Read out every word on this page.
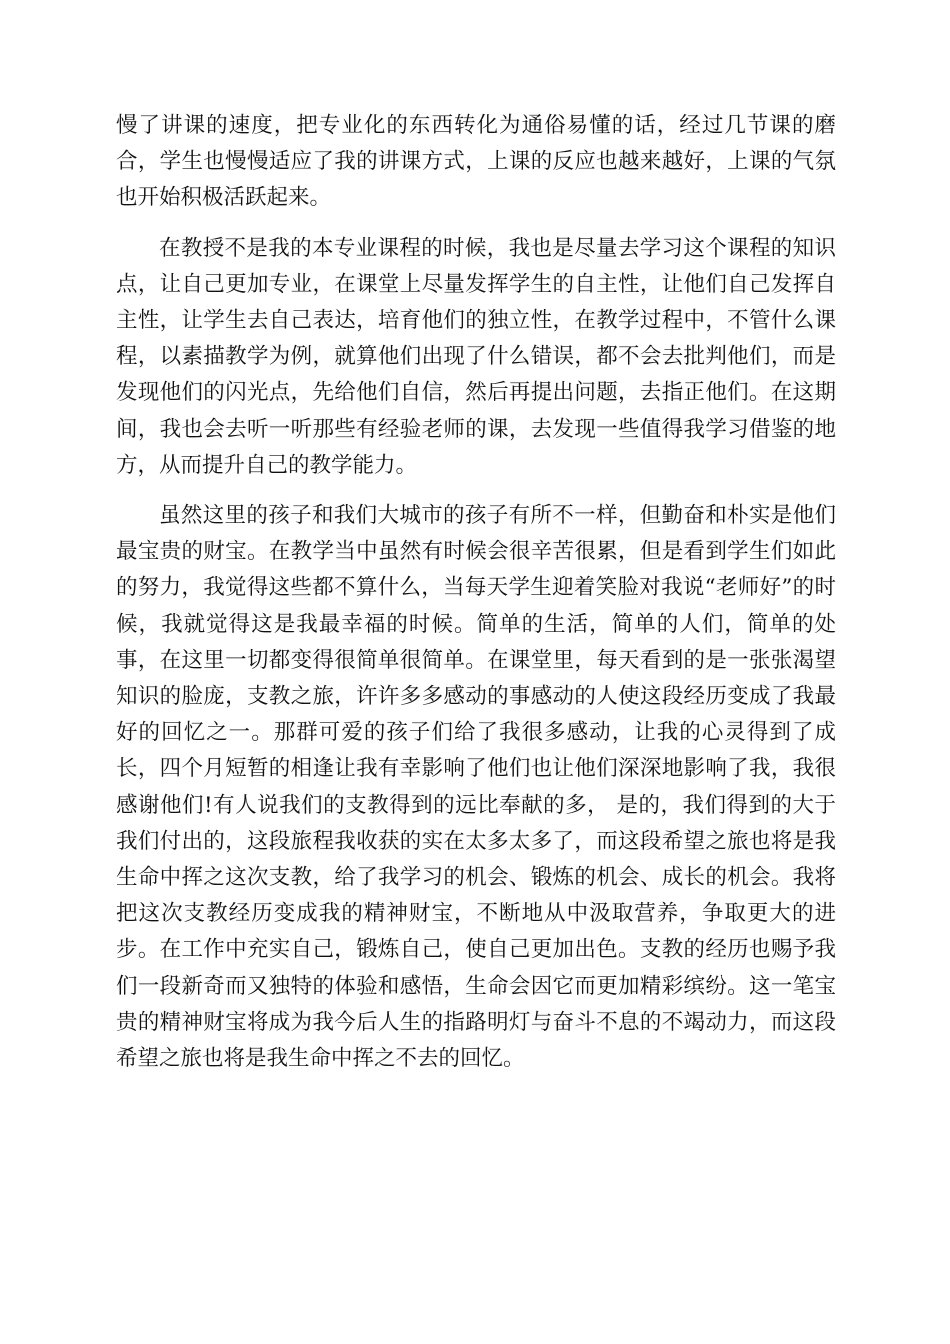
慢了讲课的速度，把专业化的东西转化为通俗易懂的话，经过几节课的磨合，学生也慢慢适应了我的讲课方式，上课的反应也越来越好，上课的气氛也开始积极活跃起来。

在教授不是我的本专业课程的时候，我也是尽量去学习这个课程的知识点，让自己更加专业，在课堂上尽量发挥学生的自主性，让他们自己发挥自主性，让学生去自己表达，培育他们的独立性，在教学过程中，不管什么课程，以素描教学为例，就算他们出现了什么错误，都不会去批判他们，而是发现他们的闪光点，先给他们自信，然后再提出问题，去指正他们。在这期间，我也会去听一听那些有经验老师的课，去发现一些值得我学习借鉴的地方，从而提升自己的教学能力。

虽然这里的孩子和我们大城市的孩子有所不一样，但勤奋和朴实是他们最宝贵的财宝。在教学当中虽然有时候会很辛苦很累，但是看到学生们如此的努力，我觉得这些都不算什么，当每天学生迎着笑脸对我说“老师好”的时候，我就觉得这是我最幸福的时候。简单的生活，简单的人们，简单的处事，在这里一切都变得很简单很简单。在课堂里，每天看到的是一张张渴望知识的脸庞，支教之旅，许许多多感动的事感动的人使这段经历变成了我最好的回忆之一。那群可爱的孩子们给了我很多感动，让我的心灵得到了成长，四个月短暂的相逢让我有幸影响了他们也让他们深深地影响了我，我很感谢他们!有人说我们的支教得到的远比奉献的多， 是的，我们得到的大于我们付出的，这段旅程我收获的实在太多太多了，而这段希望之旅也将是我生命中挥之这次支教，给了我学习的机会、锻炼的机会、成长的机会。我将把这次支教经历变成我的精神财宝，不断地从中汲取营养，争取更大的进步。在工作中充实自己，锻炼自己，使自己更加出色。支教的经历也赐予我们一段新奇而又独特的体验和感悟，生命会因它而更加精彩缤纷。这一笔宝贵的精神财宝将成为我今后人生的指路明灯与奋斗不息的不竭动力，而这段希望之旅也将是我生命中挥之不去的回忆。
